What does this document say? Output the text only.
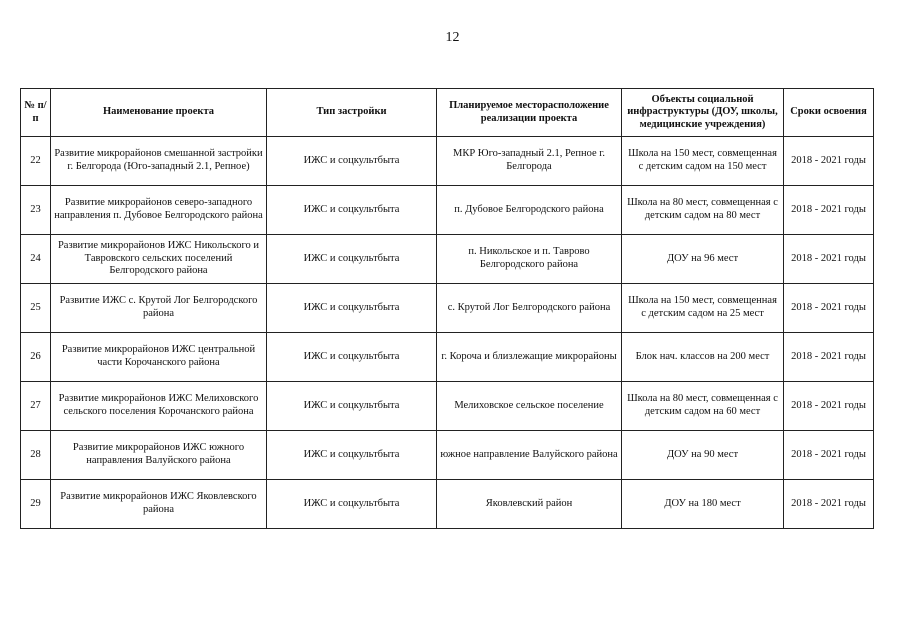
12
№ п/п	Наименование проекта	Тип застройки	Планируемое месторасположение реализации проекта	Объекты социальной инфраструктуры (ДОУ, школы, медицинские учреждения)	Сроки освоения
22	Развитие микрорайонов смешанной застройки г. Белгорода (Юго-западный 2.1, Репное)	ИЖС и соцкультбыта	МКР Юго-западный 2.1, Репное г. Белгорода	Школа на 150 мест, совмещенная с детским садом на 150 мест	2018 - 2021 годы
23	Развитие микрорайонов северо-западного направления п. Дубовое Белгородского района	ИЖС и соцкультбыта	п. Дубовое Белгородского района	Школа на 80 мест, совмещенная с детским садом на 80 мест	2018 - 2021 годы
24	Развитие микрорайонов ИЖС Никольского и Тавровского сельских поселений Белгородского района	ИЖС и соцкультбыта	п. Никольское и п. Таврово Белгородского района	ДОУ на 96 мест	2018 - 2021 годы
25	Развитие ИЖС с. Крутой Лог Белгородского района	ИЖС и соцкультбыта	с. Крутой Лог Белгородского района	Школа на 150 мест, совмещенная с детским садом на 25 мест	2018 - 2021 годы
26	Развитие микрорайонов ИЖС центральной части Корочанского района	ИЖС и соцкультбыта	г. Короча и близлежащие микрорайоны	Блок нач. классов на 200 мест	2018 - 2021 годы
27	Развитие микрорайонов ИЖС Мелиховского сельского поселения Корочанского района	ИЖС и соцкультбыта	Мелиховское сельское поселение	Школа на 80 мест, совмещенная с детским садом на 60 мест	2018 - 2021 годы
28	Развитие микрорайонов ИЖС южного направления Валуйского района	ИЖС и соцкультбыта	южное направление Валуйского района	ДОУ на 90 мест	2018 - 2021 годы
29	Развитие микрорайонов ИЖС Яковлевского района	ИЖС и соцкультбыта	Яковлевский район	ДОУ на 180 мест	2018 - 2021 годы
